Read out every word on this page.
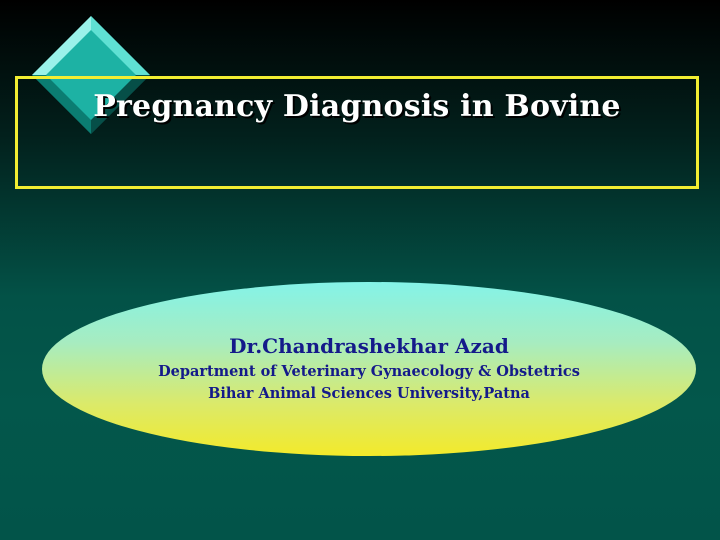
Pregnancy Diagnosis in Bovine
Dr.Chandrashekhar Azad
Department of Veterinary Gynaecology & Obstetrics
Bihar Animal Sciences University,Patna
